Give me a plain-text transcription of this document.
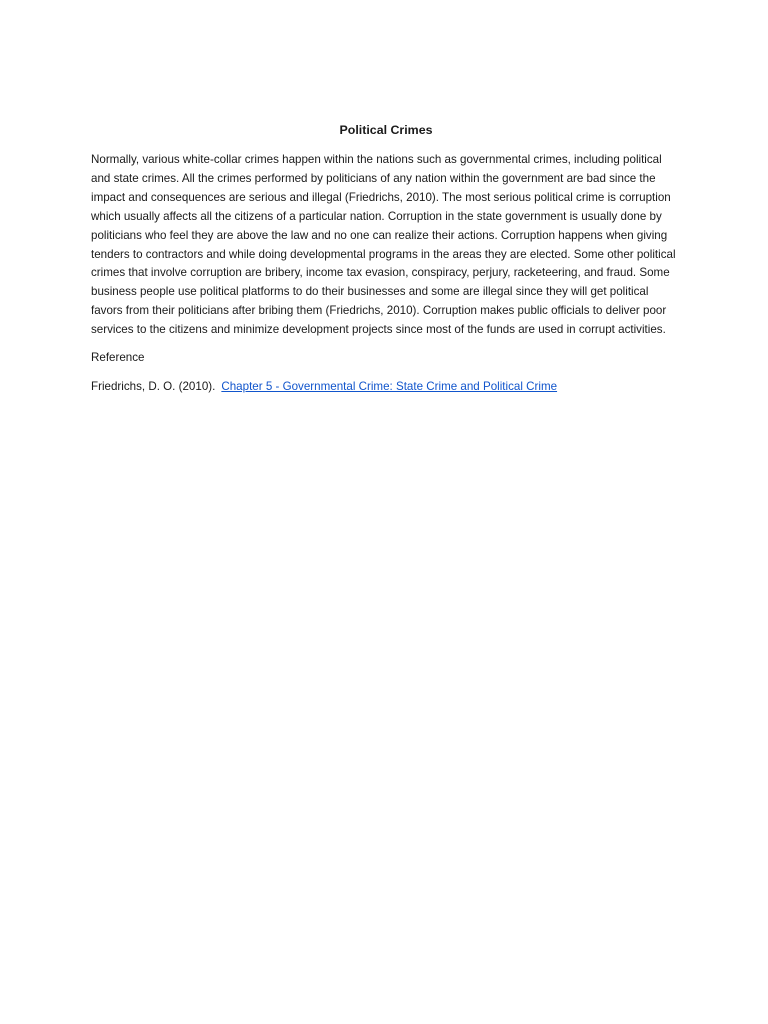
Political Crimes

Normally, various white-collar crimes happen within the nations such as governmental crimes, including political and state crimes. All the crimes performed by politicians of any nation within the government are bad since the impact and consequences are serious and illegal (Friedrichs, 2010). The most serious political crime is corruption which usually affects all the citizens of a particular nation. Corruption in the state government is usually done by politicians who feel they are above the law and no one can realize their actions. Corruption happens when giving tenders to contractors and while doing developmental programs in the areas they are elected. Some other political crimes that involve corruption are bribery, income tax evasion, conspiracy, perjury, racketeering, and fraud. Some business people use political platforms to do their businesses and some are illegal since they will get political favors from their politicians after bribing them (Friedrichs, 2010). Corruption makes public officials to deliver poor services to the citizens and minimize development projects since most of the funds are used in corrupt activities.

Reference
Friedrichs, D. O. (2010). Chapter 5 - Governmental Crime: State Crime and Political Crime
